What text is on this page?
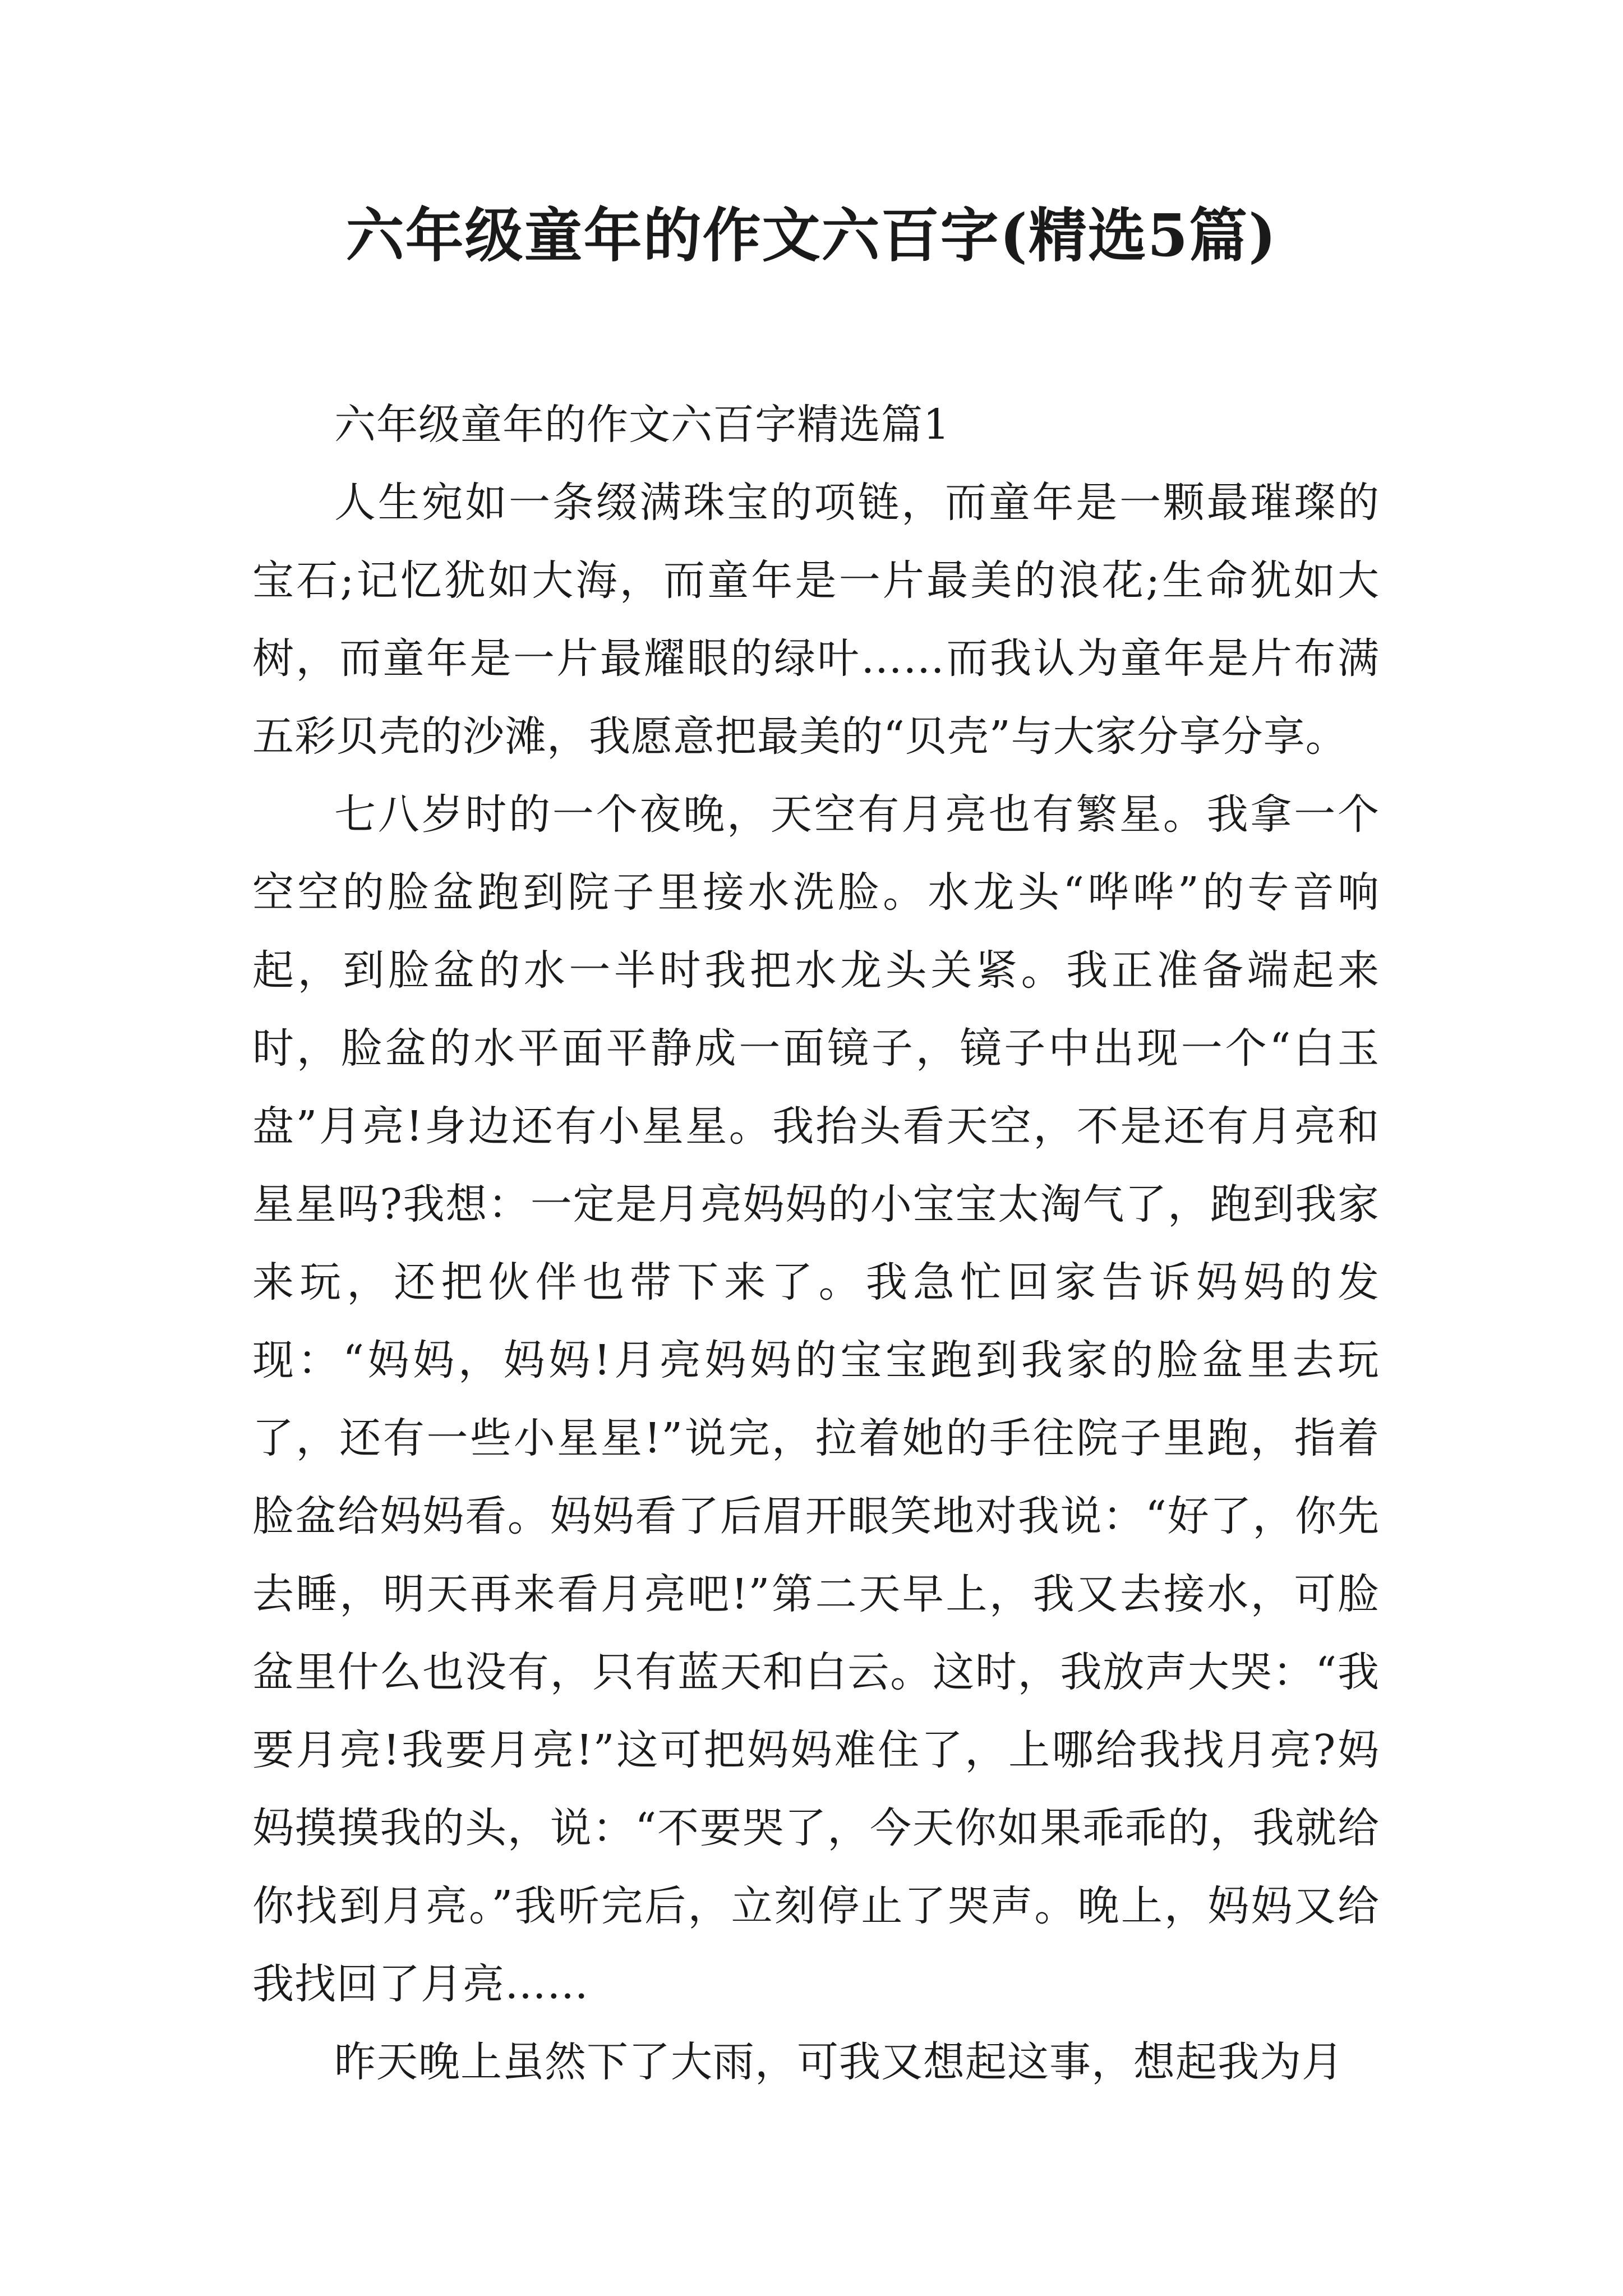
六年级童年的作文六百字(精选5篇)

六年级童年的作文六百字精选篇1

人生宛如一条缀满珠宝的项链，而童年是一颗最璀璨的宝石;记忆犹如大海，而童年是一片最美的浪花;生命犹如大树，而童年是一片最耀眼的绿叶……而我认为童年是片布满五彩贝壳的沙滩，我愿意把最美的“贝壳”与大家分享分享。

七八岁时的一个夜晚，天空有月亮也有繁星。我拿一个空空的脸盆跑到院子里接水洗脸。水龙头“哗哗”的专音响起，到脸盆的水一半时我把水龙头关紧。我正准备端起来时，脸盆的水平面平静成一面镜子，镜子中出现一个“白玉盘”月亮!身边还有小星星。我抬头看天空，不是还有月亮和星星吗?我想：一定是月亮妈妈的小宝宝太淘气了，跑到我家来玩，还把伙伴也带下来了。我急忙回家告诉妈妈的发现：“妈妈，妈妈!月亮妈妈的宝宝跑到我家的脸盆里去玩了，还有一些小星星!”说完，拉着她的手往院子里跑，指着脸盆给妈妈看。妈妈看了后眉开眼笑地对我说：“好了，你先去睡，明天再来看月亮吧!”第二天早上，我又去接水，可脸盆里什么也没有，只有蓝天和白云。这时，我放声大哭：“我要月亮!我要月亮!”这可把妈妈难住了，上哪给我找月亮?妈妈摸摸我的头，说：“不要哭了，今天你如果乖乖的，我就给你找到月亮。”我听完后，立刻停止了哭声。晚上，妈妈又给我找回了月亮……

昨天晚上虽然下了大雨，可我又想起这事，想起我为月
